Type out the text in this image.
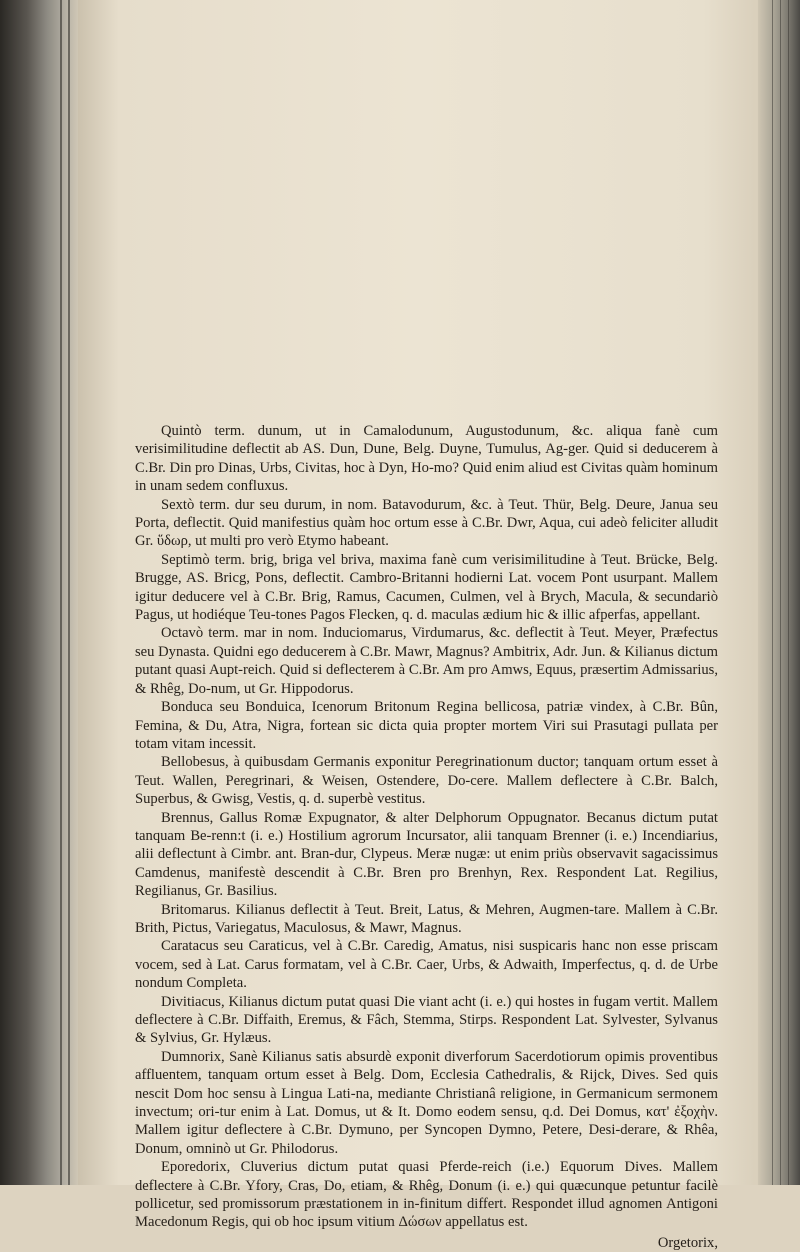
Quintò term. dunum, ut in Camalodunum, Augustodunum, &c. aliqua fanè cum verisimilitudine deflectit ab AS. Dun, Dune, Belg. Duyne, Tumulus, Ag-ger. Quid si deducerem à C.Br. Din pro Dinas, Urbs, Civitas, hoc à Dyn, Ho-mo? Quid enim aliud est Civitas quàm hominum in unam sedem confluxus.

Sextò term. dur seu durum, in nom. Batavodurum, &c. à Teut. Thür, Belg. Deure, Janua seu Porta, deflectit. Quid manifestius quàm hoc ortum esse à C.Br. Dwr, Aqua, cui adeò feliciter alludit Gr. ὕδωρ, ut multi pro verò Etymo habeant.

Septimò term. brig, briga vel briva, maxima fanè cum verisimilitudine à Teut. Brücke, Belg. Brugge, AS. Bricg, Pons, deflectit. Cambro-Britanni hodierni Lat. vocem Pont usurpant. Mallem igitur deducere vel à C.Br. Brig, Ramus, Cacumen, Culmen, vel à Brych, Macula, & secundariò Pagus, ut hodiéque Teu-tones Pagos Flecken, q. d. maculas ædium hic & illic afperfas, appellant.

Octavò term. mar in nom. Induciomarus, Virdumarus, &c. deflectit à Teut. Meyer, Præfectus seu Dynasta. Quidni ego deducerem à C.Br. Mawr, Magnus? Ambitrix, Adr. Jun. & Kilianus dictum putant quasi Aupt-reich. Quid si deflecterem à C.Br. Am pro Amws, Equus, præsertim Admissarius, & Rhêg, Do-num, ut Gr. Hippodorus.

Bonduca seu Bonduica, Icenorum Britonum Regina bellicosa, patriæ vindex, à C.Br. Bûn, Femina, & Du, Atra, Nigra, fortean sic dicta quia propter mortem Viri sui Prasutagi pullata per totam vitam incessit.

Bellobesus, à quibusdam Germanis exponitur Peregrinationum ductor; tanquam ortum esset à Teut. Wallen, Peregrinari, & Weisen, Ostendere, Do-cere. Mallem deflectere à C.Br. Balch, Superbus, & Gwisg, Vestis, q. d. superbè vestitus.

Brennus, Gallus Romæ Expugnator, & alter Delphorum Oppugnator. Becanus dictum putat tanquam Be-renn:t (i. e.) Hostilium agrorum Incursator, alii tanquam Brenner (i. e.) Incendiarius, alii deflectunt à Cimbr. ant. Bran-dur, Clypeus. Meræ nugæ: ut enim priùs observavit sagacissimus Camdenus, manifestè descendit à C.Br. Bren pro Brenhyn, Rex. Respondent Lat. Regilius, Regilianus, Gr. Basilius.

Britomarus. Kilianus deflectit à Teut. Breit, Latus, & Mehren, Augmen-tare. Mallem à C.Br. Brith, Pictus, Variegatus, Maculosus, & Mawr, Magnus.

Caratacus seu Caraticus, vel à C.Br. Caredig, Amatus, nisi suspicaris hanc non esse priscam vocem, sed à Lat. Carus formatam, vel à C.Br. Caer, Urbs, & Adwaith, Imperfectus, q. d. de Urbe nondum Completa.

Divitiacus, Kilianus dictum putat quasi Die viant acht (i. e.) qui hostes in fugam vertit. Mallem deflectere à C.Br. Diffaith, Eremus, & Fâch, Stemma, Stirps. Respondent Lat. Sylvester, Sylvanus & Sylvius, Gr. Hylæus.

Dumnorix, Sanè Kilianus satis absurdè exponit diverforum Sacerdotiorum opimis proventibus affluentem, tanquam ortum esset à Belg. Dom, Ecclesia Cathedralis, & Rijck, Dives. Sed quis nescit Dom hoc sensu à Lingua Lati-na, mediante Christianâ religione, in Germanicum sermonem invectum; ori-tur enim à Lat. Domus, ut & It. Domo eodem sensu, q.d. Dei Domus, κατ' ἐξοχὴν. Mallem igitur deflectere à C.Br. Dymuno, per Syncopen Dymno, Petere, Desi-derare, & Rhêa, Donum, omninò ut Gr. Philodorus.

Eporedorix, Cluverius dictum putat quasi Pferde-reich (i.e.) Equorum Dives. Mallem deflectere à C.Br. Yfory, Cras, Do, etiam, & Rhêg, Donum (i. e.) qui quæcunque petuntur facilè pollicetur, sed promissorum præstationem in in-finitum differt. Respondet illud agnomen Antigoni Macedonum Regis, qui ob hoc ipsum vitium Δώσων appellatus est.

Orgetorix,
